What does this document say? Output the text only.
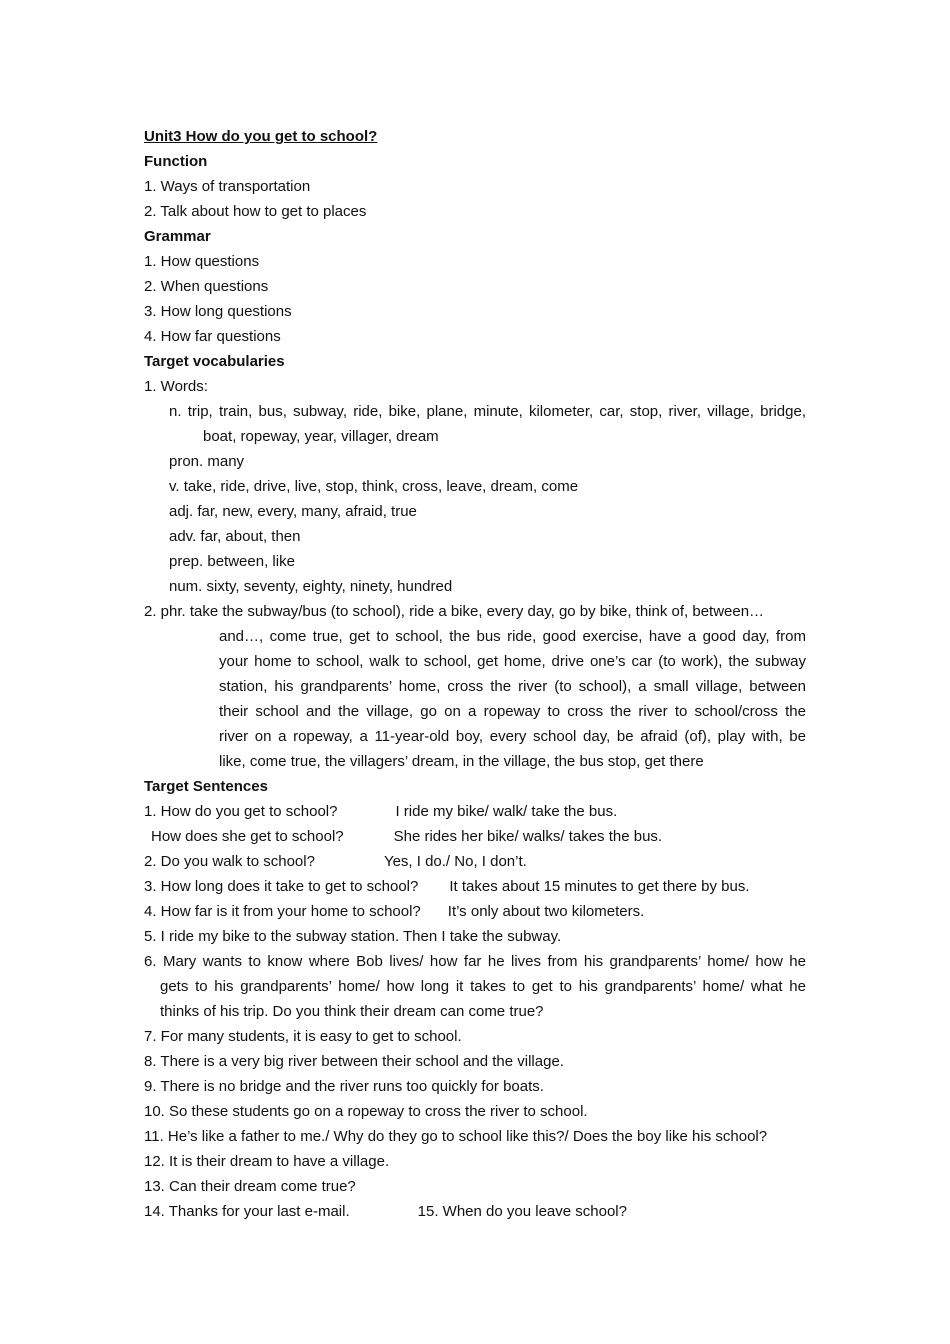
Unit3 How do you get to school?
Function
1. Ways of transportation
2. Talk about how to get to places
Grammar
1. How questions
2. When questions
3. How long questions
4. How far questions
Target vocabularies
1. Words:
n. trip, train, bus, subway, ride, bike, plane, minute, kilometer, car, stop, river, village, bridge,
boat, ropeway, year, villager, dream
pron. many
v. take, ride, drive, live, stop, think, cross, leave, dream, come
adj. far, new, every, many, afraid, true
adv. far, about, then
prep. between, like
num. sixty, seventy, eighty, ninety, hundred
2. phr. take the subway/bus (to school), ride a bike, every day, go by bike, think of, between…
and…, come true, get to school, the bus ride, good exercise, have a good day, from
your home to school, walk to school, get home, drive one’s car (to work), the subway
station, his grandparents’ home, cross the river (to school), a small village, between
their school and the village, go on a ropeway to cross the river to school/cross the
river on a ropeway, a 11-year-old boy, every school day, be afraid (of), play with, be
like, come true, the villagers’ dream, in the village, the bus stop, get there
Target Sentences
1. How do you get to school?	I ride my bike/ walk/ take the bus.
How does she get to school?	She rides her bike/ walks/ takes the bus.
2. Do you walk to school?	Yes, I do./ No, I don’t.
3. How long does it take to get to school? It takes about 15 minutes to get there by bus.
4. How far is it from your home to school? It’s only about two kilometers.
5. I ride my bike to the subway station. Then I take the subway.
6. Mary wants to know where Bob lives/ how far he lives from his grandparents’ home/ how he
gets to his grandparents’ home/ how long it takes to get to his grandparents’ home/ what he
thinks of his trip. Do you think their dream can come true?
7. For many students, it is easy to get to school.
8. There is a very big river between their school and the village.
9. There is no bridge and the river runs too quickly for boats.
10. So these students go on a ropeway to cross the river to school.
11. He’s like a father to me./ Why do they go to school like this?/ Does the boy like his school?
12. It is their dream to have a village.
13. Can their dream come true?
14. Thanks for your last e-mail.	15. When do you leave school?
